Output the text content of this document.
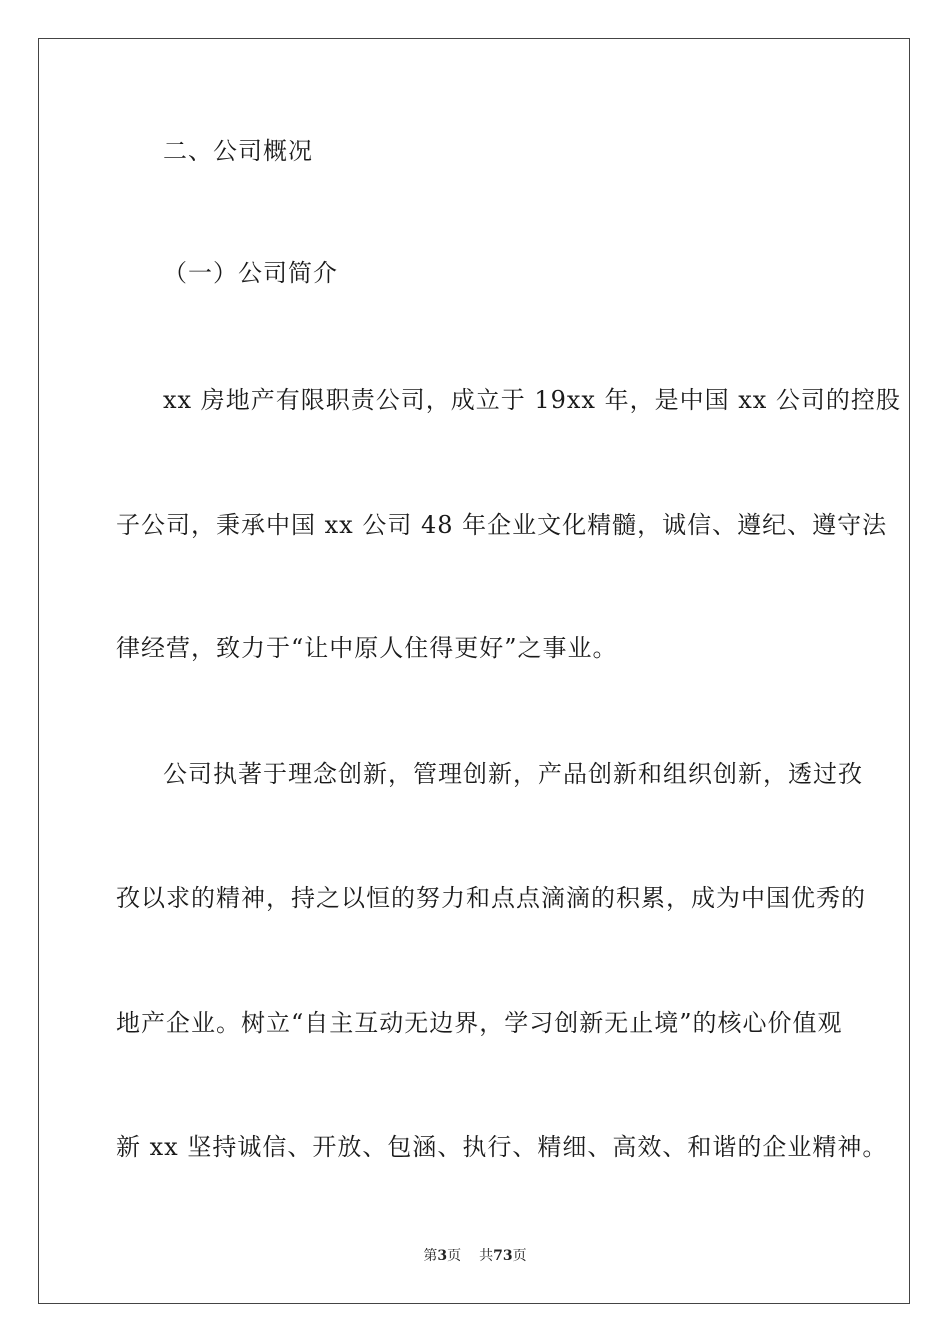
二、公司概况
（一）公司简介
xx 房地产有限职责公司，成立于 19xx 年，是中国 xx 公司的控股
子公司，秉承中国 xx 公司 48 年企业文化精髓，诚信、遵纪、遵守法
律经营，致力于“让中原人住得更好”之事业。
公司执著于理念创新，管理创新，产品创新和组织创新，透过孜
孜以求的精神，持之以恒的努力和点点滴滴的积累，成为中国优秀的
地产企业。树立“自主互动无边界，学习创新无止境”的核心价值观
新 xx 坚持诚信、开放、包涵、执行、精细、高效、和谐的企业精神。
第3页 共73页
